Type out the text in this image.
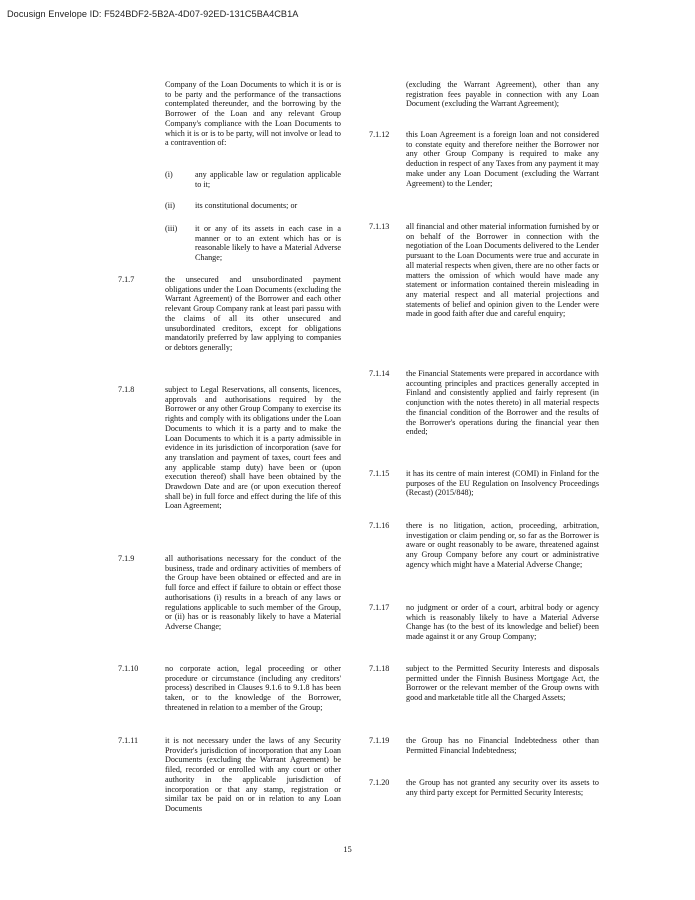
Docusign Envelope ID: F524BDF2-5B2A-4D07-92ED-131C5BA4CB1A
Company of the Loan Documents to which it is or is to be party and the performance of the transactions contemplated thereunder, and the borrowing by the Borrower of the Loan and any relevant Group Company's compliance with the Loan Documents to which it is or is to be party, will not involve or lead to a contravention of:
(i)	any applicable law or regulation applicable to it;
(ii) its constitutional documents; or
(iii) it or any of its assets in each case in a manner or to an extent which has or is reasonable likely to have a Material Adverse Change;
7.1.7	the unsecured and unsubordinated payment obligations under the Loan Documents (excluding the Warrant Agreement) of the Borrower and each other relevant Group Company rank at least pari passu with the claims of all its other unsecured and unsubordinated creditors, except for obligations mandatorily preferred by law applying to companies or debtors generally;
7.1.8	subject to Legal Reservations, all consents, licences, approvals and authorisations required by the Borrower or any other Group Company to exercise its rights and comply with its obligations under the Loan Documents to which it is a party and to make the Loan Documents to which it is a party admissible in evidence in its jurisdiction of incorporation (save for any translation and payment of taxes, court fees and any applicable stamp duty) have been or (upon execution thereof) shall have been obtained by the Drawdown Date and are (or upon execution thereof shall be) in full force and effect during the life of this Loan Agreement;
7.1.9	all authorisations necessary for the conduct of the business, trade and ordinary activities of members of the Group have been obtained or effected and are in full force and effect if failure to obtain or effect those authorisations (i) results in a breach of any laws or regulations applicable to such member of the Group, or (ii) has or is reasonably likely to have a Material Adverse Change;
7.1.10	no corporate action, legal proceeding or other procedure or circumstance (including any creditors' process) described in Clauses 9.1.6 to 9.1.8 has been taken, or to the knowledge of the Borrower, threatened in relation to a member of the Group;
7.1.11	it is not necessary under the laws of any Security Provider's jurisdiction of incorporation that any Loan Documents (excluding the Warrant Agreement) be filed, recorded or enrolled with any court or other authority in the applicable jurisdiction of incorporation or that any stamp, registration or similar tax be paid on or in relation to any Loan Documents
(excluding the Warrant Agreement), other than any registration fees payable in connection with any Loan Document (excluding the Warrant Agreement);
7.1.12 this Loan Agreement is a foreign loan and not considered to constate equity and therefore neither the Borrower nor any other Group Company is required to make any deduction in respect of any Taxes from any payment it may make under any Loan Document (excluding the Warrant Agreement) to the Lender;
7.1.13 all financial and other material information furnished by or on behalf of the Borrower in connection with the negotiation of the Loan Documents delivered to the Lender pursuant to the Loan Documents were true and accurate in all material respects when given, there are no other facts or matters the omission of which would have made any statement or information contained therein misleading in any material respect and all material projections and statements of belief and opinion given to the Lender were made in good faith after due and careful enquiry;
7.1.14 the Financial Statements were prepared in accordance with accounting principles and practices generally accepted in Finland and consistently applied and fairly represent (in conjunction with the notes thereto) in all material respects the financial condition of the Borrower and the results of the Borrower's operations during the financial year then ended;
7.1.15 it has its centre of main interest (COMI) in Finland for the purposes of the EU Regulation on Insolvency Proceedings (Recast) (2015/848);
7.1.16 there is no litigation, action, proceeding, arbitration, investigation or claim pending or, so far as the Borrower is aware or ought reasonably to be aware, threatened against any Group Company before any court or administrative agency which might have a Material Adverse Change;
7.1.17 no judgment or order of a court, arbitral body or agency which is reasonably likely to have a Material Adverse Change has (to the best of its knowledge and belief) been made against it or any Group Company;
7.1.18 subject to the Permitted Security Interests and disposals permitted under the Finnish Business Mortgage Act, the Borrower or the relevant member of the Group owns with good and marketable title all the Charged Assets;
7.1.19 the Group has no Financial Indebtedness other than Permitted Financial Indebtedness;
7.1.20 the Group has not granted any security over its assets to any third party except for Permitted Security Interests;
15
